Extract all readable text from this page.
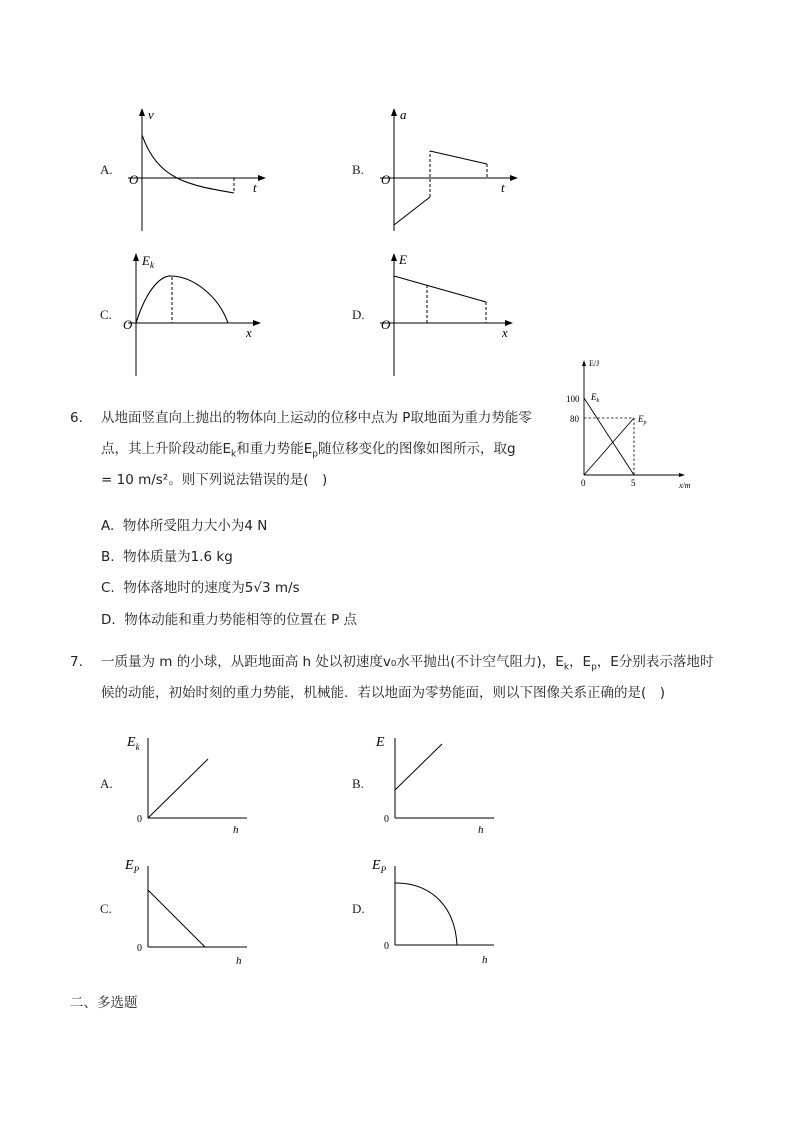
A.
v
O
t
B.
a
O
t
C.
$E_k$
O
x
D.
E
O
x
6. 从地面竖直向上抛出的物体向上运动的位移中点为 P取地面为重力势能零
点，其上升阶段动能$E_k$和重力势能$E_p$随位移变化的图像如图所示，取g
= 10 m/s²。则下列说法错误的是(　)
E/J
x/m
100
80
0	5
$E_k$
$E_p$
A. 物体所受阻力大小为4 N
B. 物体质量为1.6 kg
C. 物体落地时的速度为5√3 m/s
D. 物体动能和重力势能相等的位置在 P 点
7. 一质量为 m 的小球，从距地面高 h 处以初速度v₀水平抛出(不计空气阻力)，$E_k$，$E_p$，E分别表示落地时
候的动能，初始时刻的重力势能，机械能．若以地面为零势能面，则以下图像关系正确的是(　)
A.
$E_k$
0
h
B.
E
0
h
C.
$E_P$
0
h
D.
$E_P$
0
h
二、多选题
